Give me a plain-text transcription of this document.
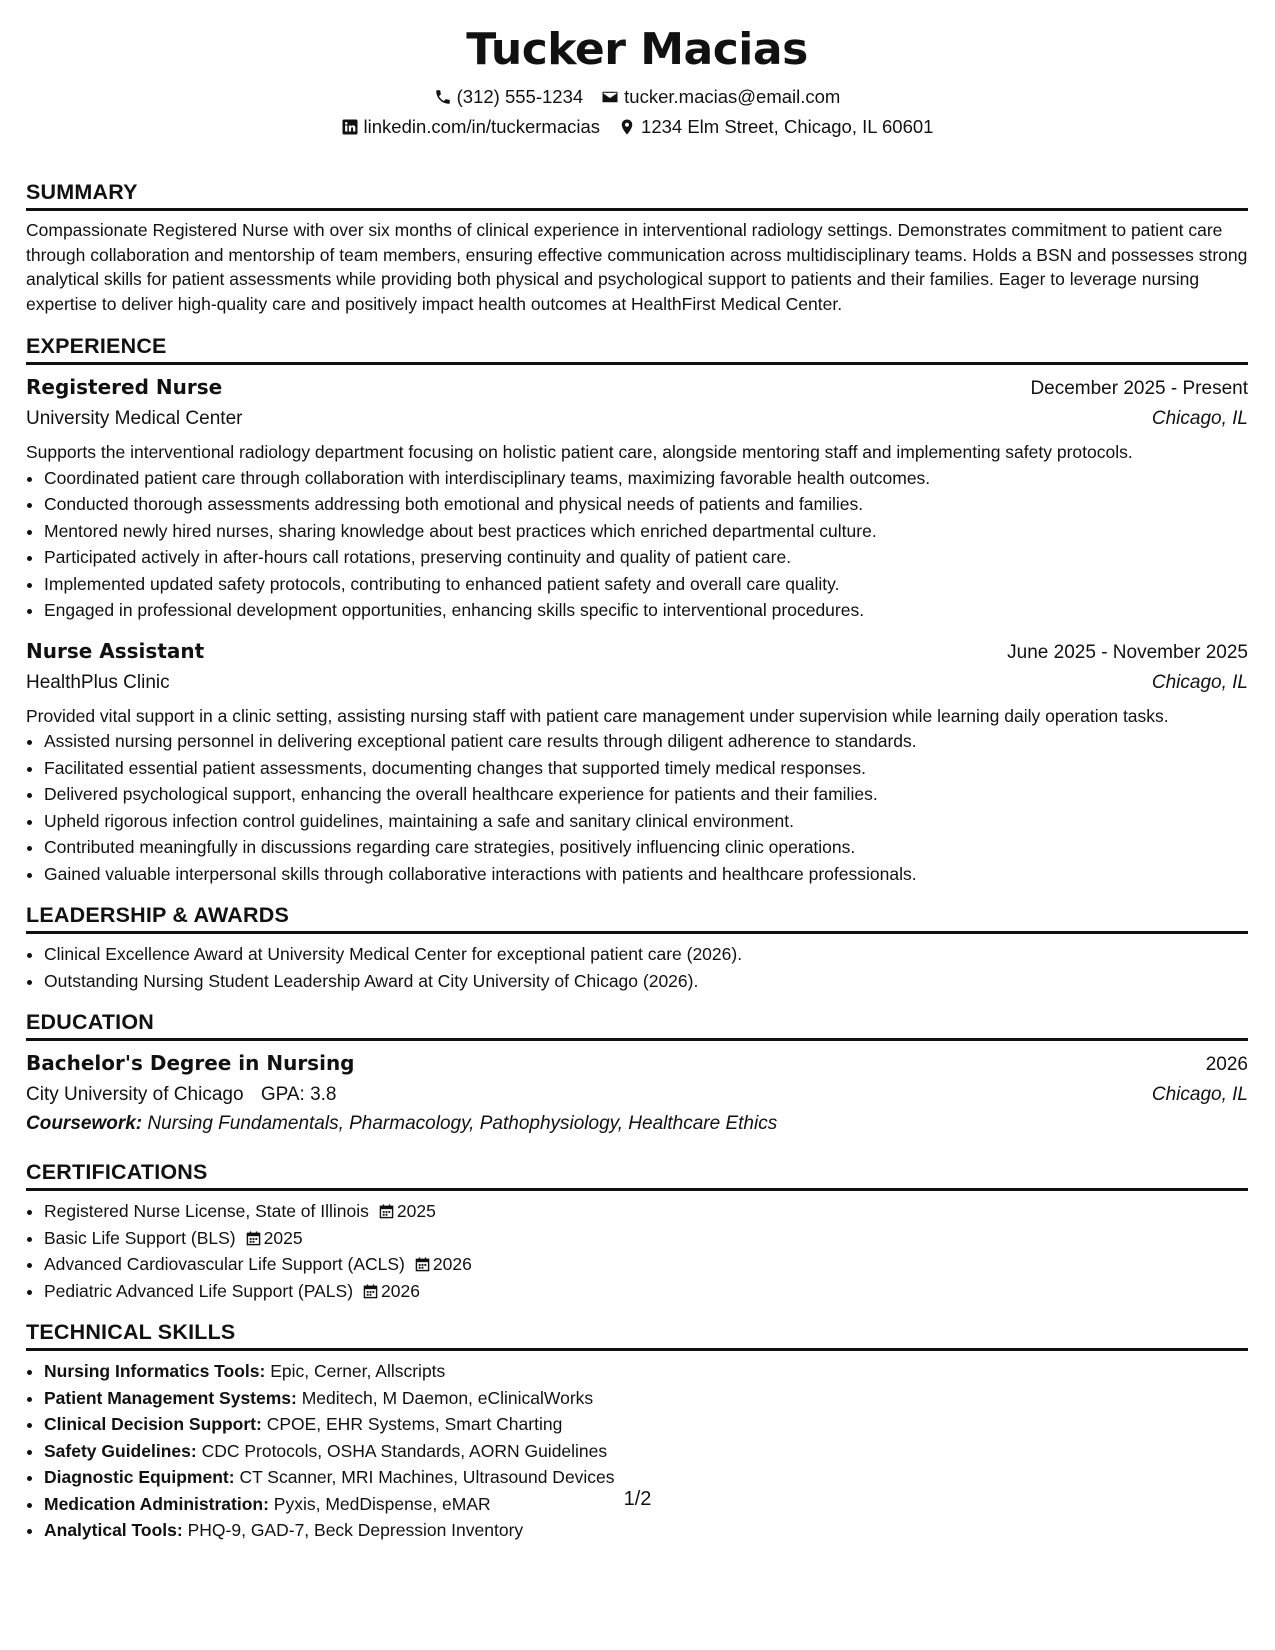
Tucker Macias
(312) 555-1234 tucker.macias@email.com
linkedin.com/in/tuckermacias 1234 Elm Street, Chicago, IL 60601
SUMMARY
Compassionate Registered Nurse with over six months of clinical experience in interventional radiology settings. Demonstrates commitment to patient care through collaboration and mentorship of team members, ensuring effective communication across multidisciplinary teams. Holds a BSN and possesses strong analytical skills for patient assessments while providing both physical and psychological support to patients and their families. Eager to leverage nursing expertise to deliver high-quality care and positively impact health outcomes at HealthFirst Medical Center.
EXPERIENCE
Registered Nurse	December 2025 - Present
University Medical Center	Chicago, IL
Supports the interventional radiology department focusing on holistic patient care, alongside mentoring staff and implementing safety protocols.
• Coordinated patient care through collaboration with interdisciplinary teams, maximizing favorable health outcomes.
• Conducted thorough assessments addressing both emotional and physical needs of patients and families.
• Mentored newly hired nurses, sharing knowledge about best practices which enriched departmental culture.
• Participated actively in after-hours call rotations, preserving continuity and quality of patient care.
• Implemented updated safety protocols, contributing to enhanced patient safety and overall care quality.
• Engaged in professional development opportunities, enhancing skills specific to interventional procedures.
Nurse Assistant	June 2025 - November 2025
HealthPlus Clinic	Chicago, IL
Provided vital support in a clinic setting, assisting nursing staff with patient care management under supervision while learning daily operation tasks.
• Assisted nursing personnel in delivering exceptional patient care results through diligent adherence to standards.
• Facilitated essential patient assessments, documenting changes that supported timely medical responses.
• Delivered psychological support, enhancing the overall healthcare experience for patients and their families.
• Upheld rigorous infection control guidelines, maintaining a safe and sanitary clinical environment.
• Contributed meaningfully in discussions regarding care strategies, positively influencing clinic operations.
• Gained valuable interpersonal skills through collaborative interactions with patients and healthcare professionals.
LEADERSHIP & AWARDS
• Clinical Excellence Award at University Medical Center for exceptional patient care (2026).
• Outstanding Nursing Student Leadership Award at City University of Chicago (2026).
EDUCATION
Bachelor's Degree in Nursing	2026
City University of Chicago GPA: 3.8	Chicago, IL
Coursework: Nursing Fundamentals, Pharmacology, Pathophysiology, Healthcare Ethics
CERTIFICATIONS
• Registered Nurse License, State of Illinois 2025
• Basic Life Support (BLS) 2025
• Advanced Cardiovascular Life Support (ACLS) 2026
• Pediatric Advanced Life Support (PALS) 2026
TECHNICAL SKILLS
• Nursing Informatics Tools: Epic, Cerner, Allscripts
• Patient Management Systems: Meditech, M Daemon, eClinicalWorks
• Clinical Decision Support: CPOE, EHR Systems, Smart Charting
• Safety Guidelines: CDC Protocols, OSHA Standards, AORN Guidelines
• Diagnostic Equipment: CT Scanner, MRI Machines, Ultrasound Devices
• Medication Administration: Pyxis, MedDispense, eMAR
• Analytical Tools: PHQ-9, GAD-7, Beck Depression Inventory
1/2
